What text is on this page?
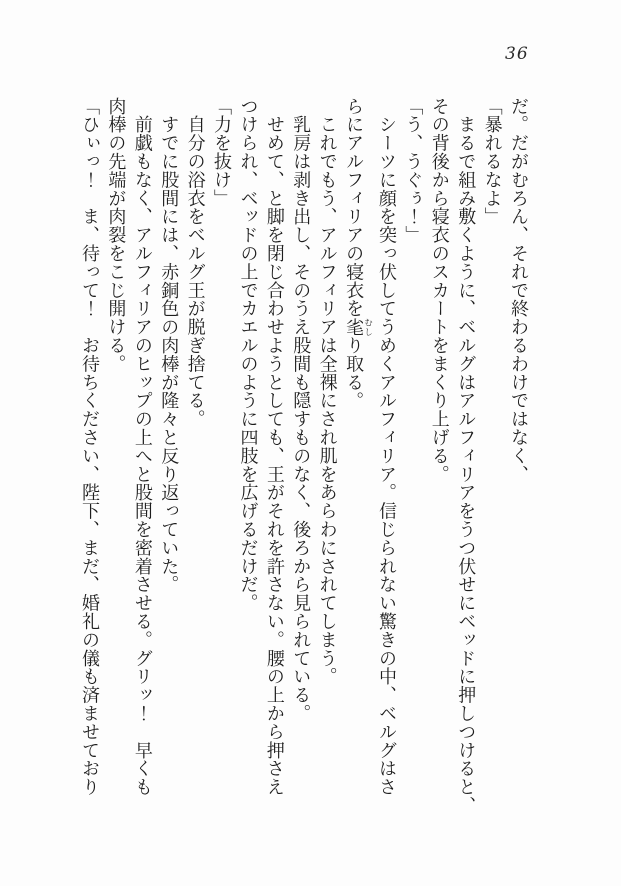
36

だ。だがむろん、それで終わるわけではなく、

「暴れるなよ」

　まるで組み敷くように、ベルグはアルフィリアをうつ伏せにベッドに押しつけると、

その背後から寝衣のスカートをまくり上げる。

「う、うぐぅ！」

　シーツに顔を突っ伏してうめくアルフィリア。信じられない驚きの中、ベルグはさ

らにアルフィリアの寝衣を毟むしり取る。

　これでもう、アルフィリアは全裸にされ肌をあらわにされてしまう。

　乳房は剥き出し、そのうえ股間も隠すものなく、後ろから見られている。

　せめて、と脚を閉じ合わせようとしても、王がそれを許さない。腰の上から押さえ

つけられ、ベッドの上でカエルのように四肢を広げるだけだ。

「力を抜け」

　自分の浴衣をベルグ王が脱ぎ捨てる。

　すでに股間には、赤銅色の肉棒が隆々と反り返っていた。

　前戯もなく、アルフィリアのヒップの上へと股間を密着させる。グリッ！　早くも

肉棒の先端が肉裂をこじ開ける。

「ひぃっ！　ま、待って！　お待ちください、陛下、まだ、婚礼の儀も済ませており
